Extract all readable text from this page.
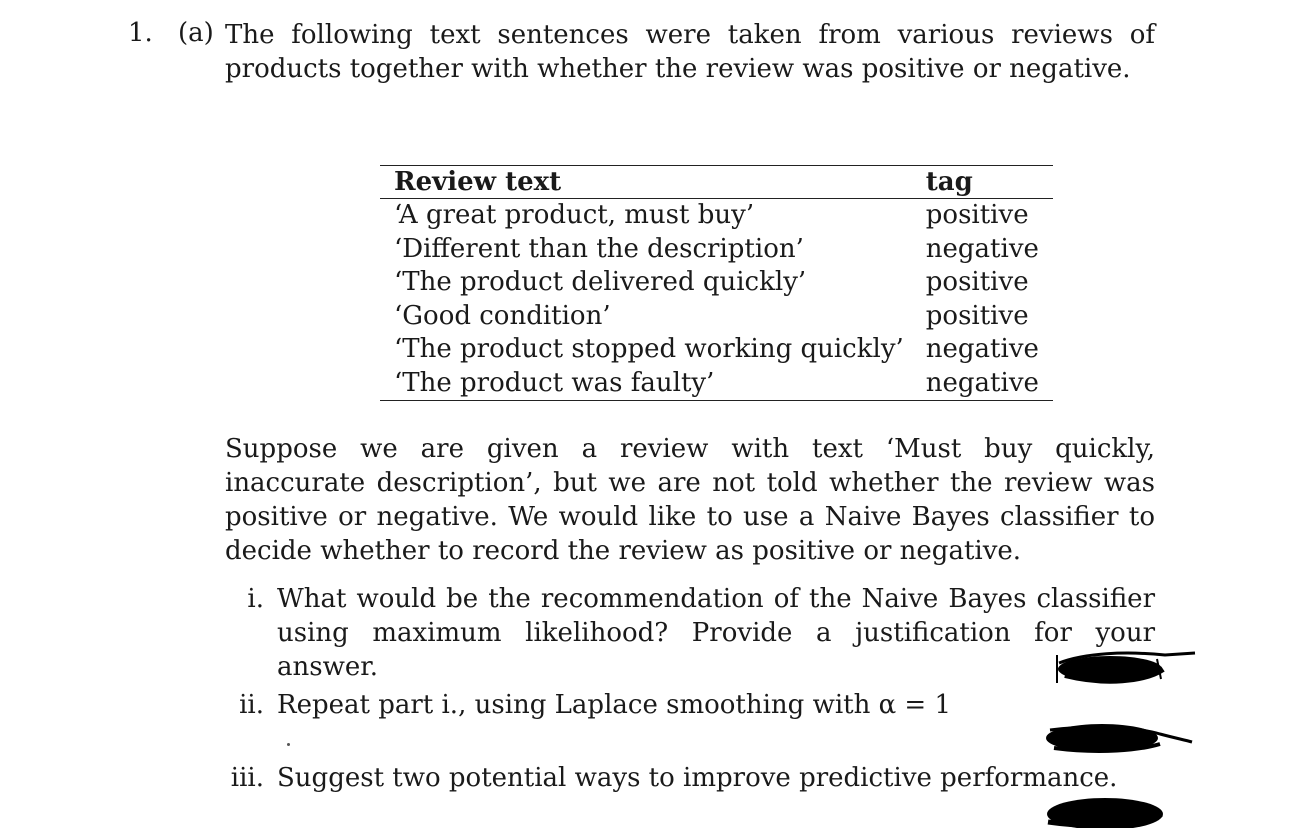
1. (a) The following text sentences were taken from various reviews of products together with whether the review was positive or negative.

Review text	tag
‘A great product, must buy’	positive
‘Different than the description’	negative
‘The product delivered quickly’	positive
‘Good condition’	positive
‘The product stopped working quickly’	negative
‘The product was faulty’	negative

Suppose we are given a review with text ‘Must buy quickly, inaccurate description’, but we are not told whether the review was positive or negative. We would like to use a Naive Bayes classifier to decide whether to record the review as positive or negative.

i. What would be the recommendation of the Naive Bayes classifier using maximum likelihood? Provide a justification for your answer.
ii. Repeat part i., using Laplace smoothing with α = 1
iii. Suggest two potential ways to improve predictive performance.
